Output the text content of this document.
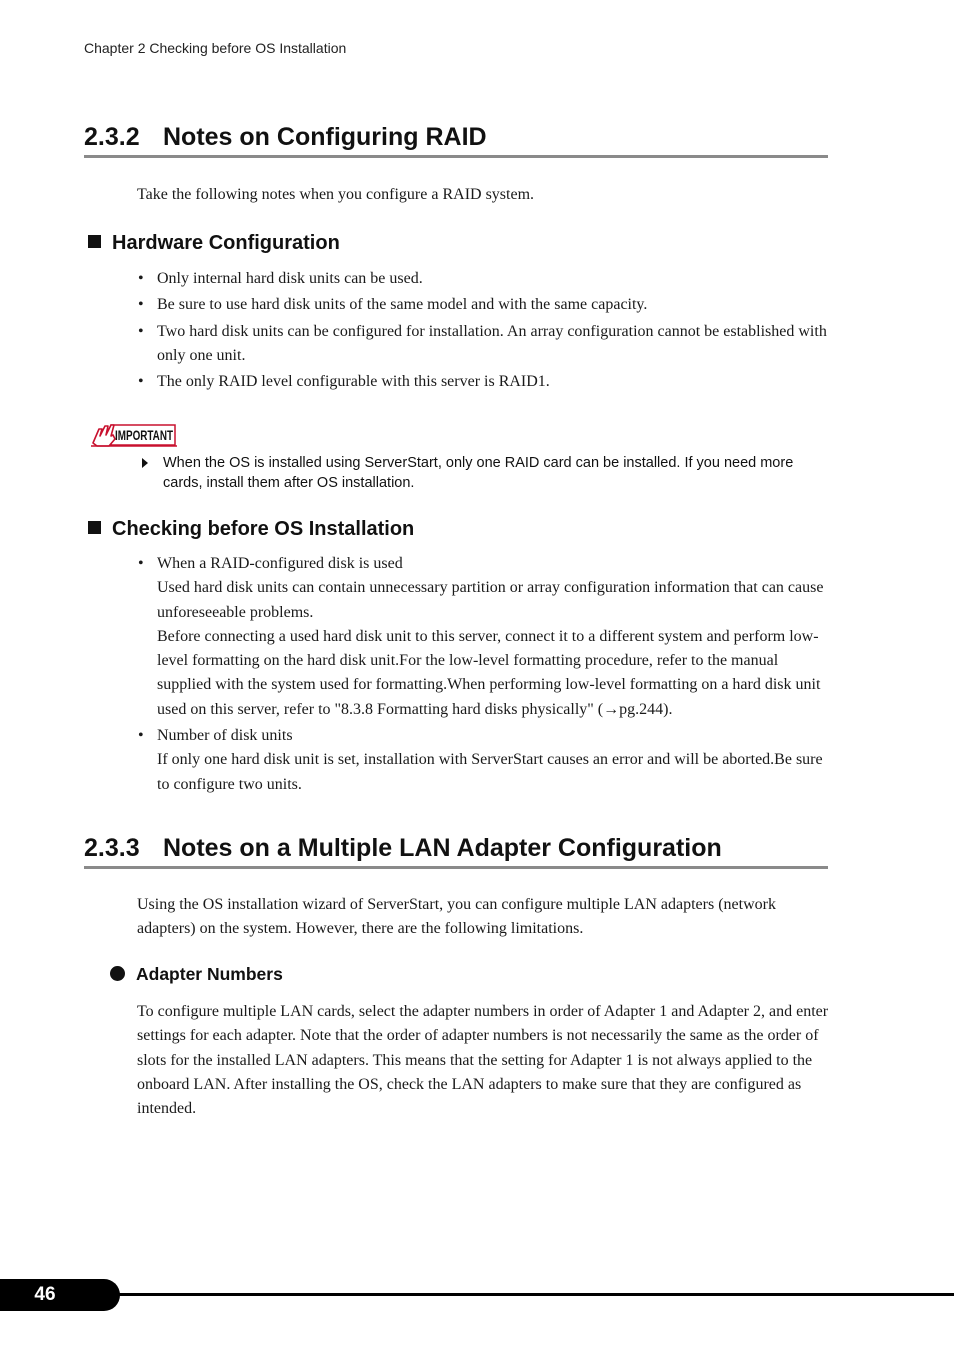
Chapter 2 Checking before OS Installation
2.3.2 Notes on Configuring RAID
Take the following notes when you configure a RAID system.
Hardware Configuration
• Only internal hard disk units can be used.
• Be sure to use hard disk units of the same model and with the same capacity.
• Two hard disk units can be configured for installation. An array configuration cannot be established with only one unit.
• The only RAID level configurable with this server is RAID1.
IMPORTANT
When the OS is installed using ServerStart, only one RAID card can be installed. If you need more cards, install them after OS installation.
Checking before OS Installation
• When a RAID-configured disk is used
Used hard disk units can contain unnecessary partition or array configuration information that can cause unforeseeable problems.
Before connecting a used hard disk unit to this server, connect it to a different system and perform low-level formatting on the hard disk unit.For the low-level formatting procedure, refer to the manual supplied with the system used for formatting.When performing low-level formatting on a hard disk unit used on this server, refer to "8.3.8 Formatting hard disks physically" (→pg.244).
• Number of disk units
If only one hard disk unit is set, installation with ServerStart causes an error and will be aborted.Be sure to configure two units.
2.3.3 Notes on a Multiple LAN Adapter Configuration
Using the OS installation wizard of ServerStart, you can configure multiple LAN adapters (network adapters) on the system. However, there are the following limitations.
Adapter Numbers
To configure multiple LAN cards, select the adapter numbers in order of Adapter 1 and Adapter 2, and enter settings for each adapter. Note that the order of adapter numbers is not necessarily the same as the order of slots for the installed LAN adapters. This means that the setting for Adapter 1 is not always applied to the onboard LAN. After installing the OS, check the LAN adapters to make sure that they are configured as intended.
46
